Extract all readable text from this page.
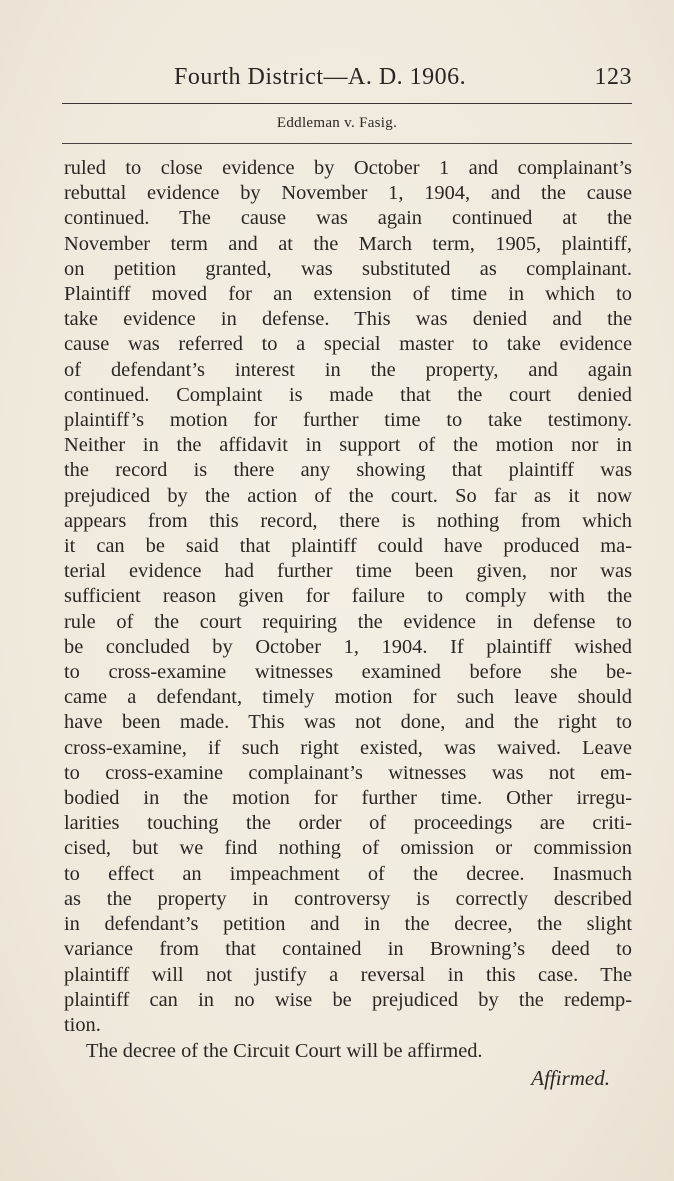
Fourth District—A. D. 1906.	123
Eddleman v. Fasig.
ruled to close evidence by October 1 and complainant’s
rebuttal evidence by November 1, 1904, and the cause
continued. The cause was again continued at the
November term and at the March term, 1905, plaintiff,
on petition granted, was substituted as complainant.
Plaintiff moved for an extension of time in which to
take evidence in defense. This was denied and the
cause was referred to a special master to take evidence
of defendant’s interest in the property, and again
continued. Complaint is made that the court denied
plaintiff’s motion for further time to take testimony.
Neither in the affidavit in support of the motion nor in
the record is there any showing that plaintiff was
prejudiced by the action of the court. So far as it now
appears from this record, there is nothing from which
it can be said that plaintiff could have produced ma-
terial evidence had further time been given, nor was
sufficient reason given for failure to comply with the
rule of the court requiring the evidence in defense to
be concluded by October 1, 1904. If plaintiff wished
to cross-examine witnesses examined before she be-
came a defendant, timely motion for such leave should
have been made. This was not done, and the right to
cross-examine, if such right existed, was waived. Leave
to cross-examine complainant’s witnesses was not em-
bodied in the motion for further time. Other irregu-
larities touching the order of proceedings are criti-
cised, but we find nothing of omission or commission
to effect an impeachment of the decree. Inasmuch
as the property in controversy is correctly described
in defendant’s petition and in the decree, the slight
variance from that contained in Browning’s deed to
plaintiff will not justify a reversal in this case. The
plaintiff can in no wise be prejudiced by the redemp-
tion.
The decree of the Circuit Court will be affirmed.
Affirmed.
